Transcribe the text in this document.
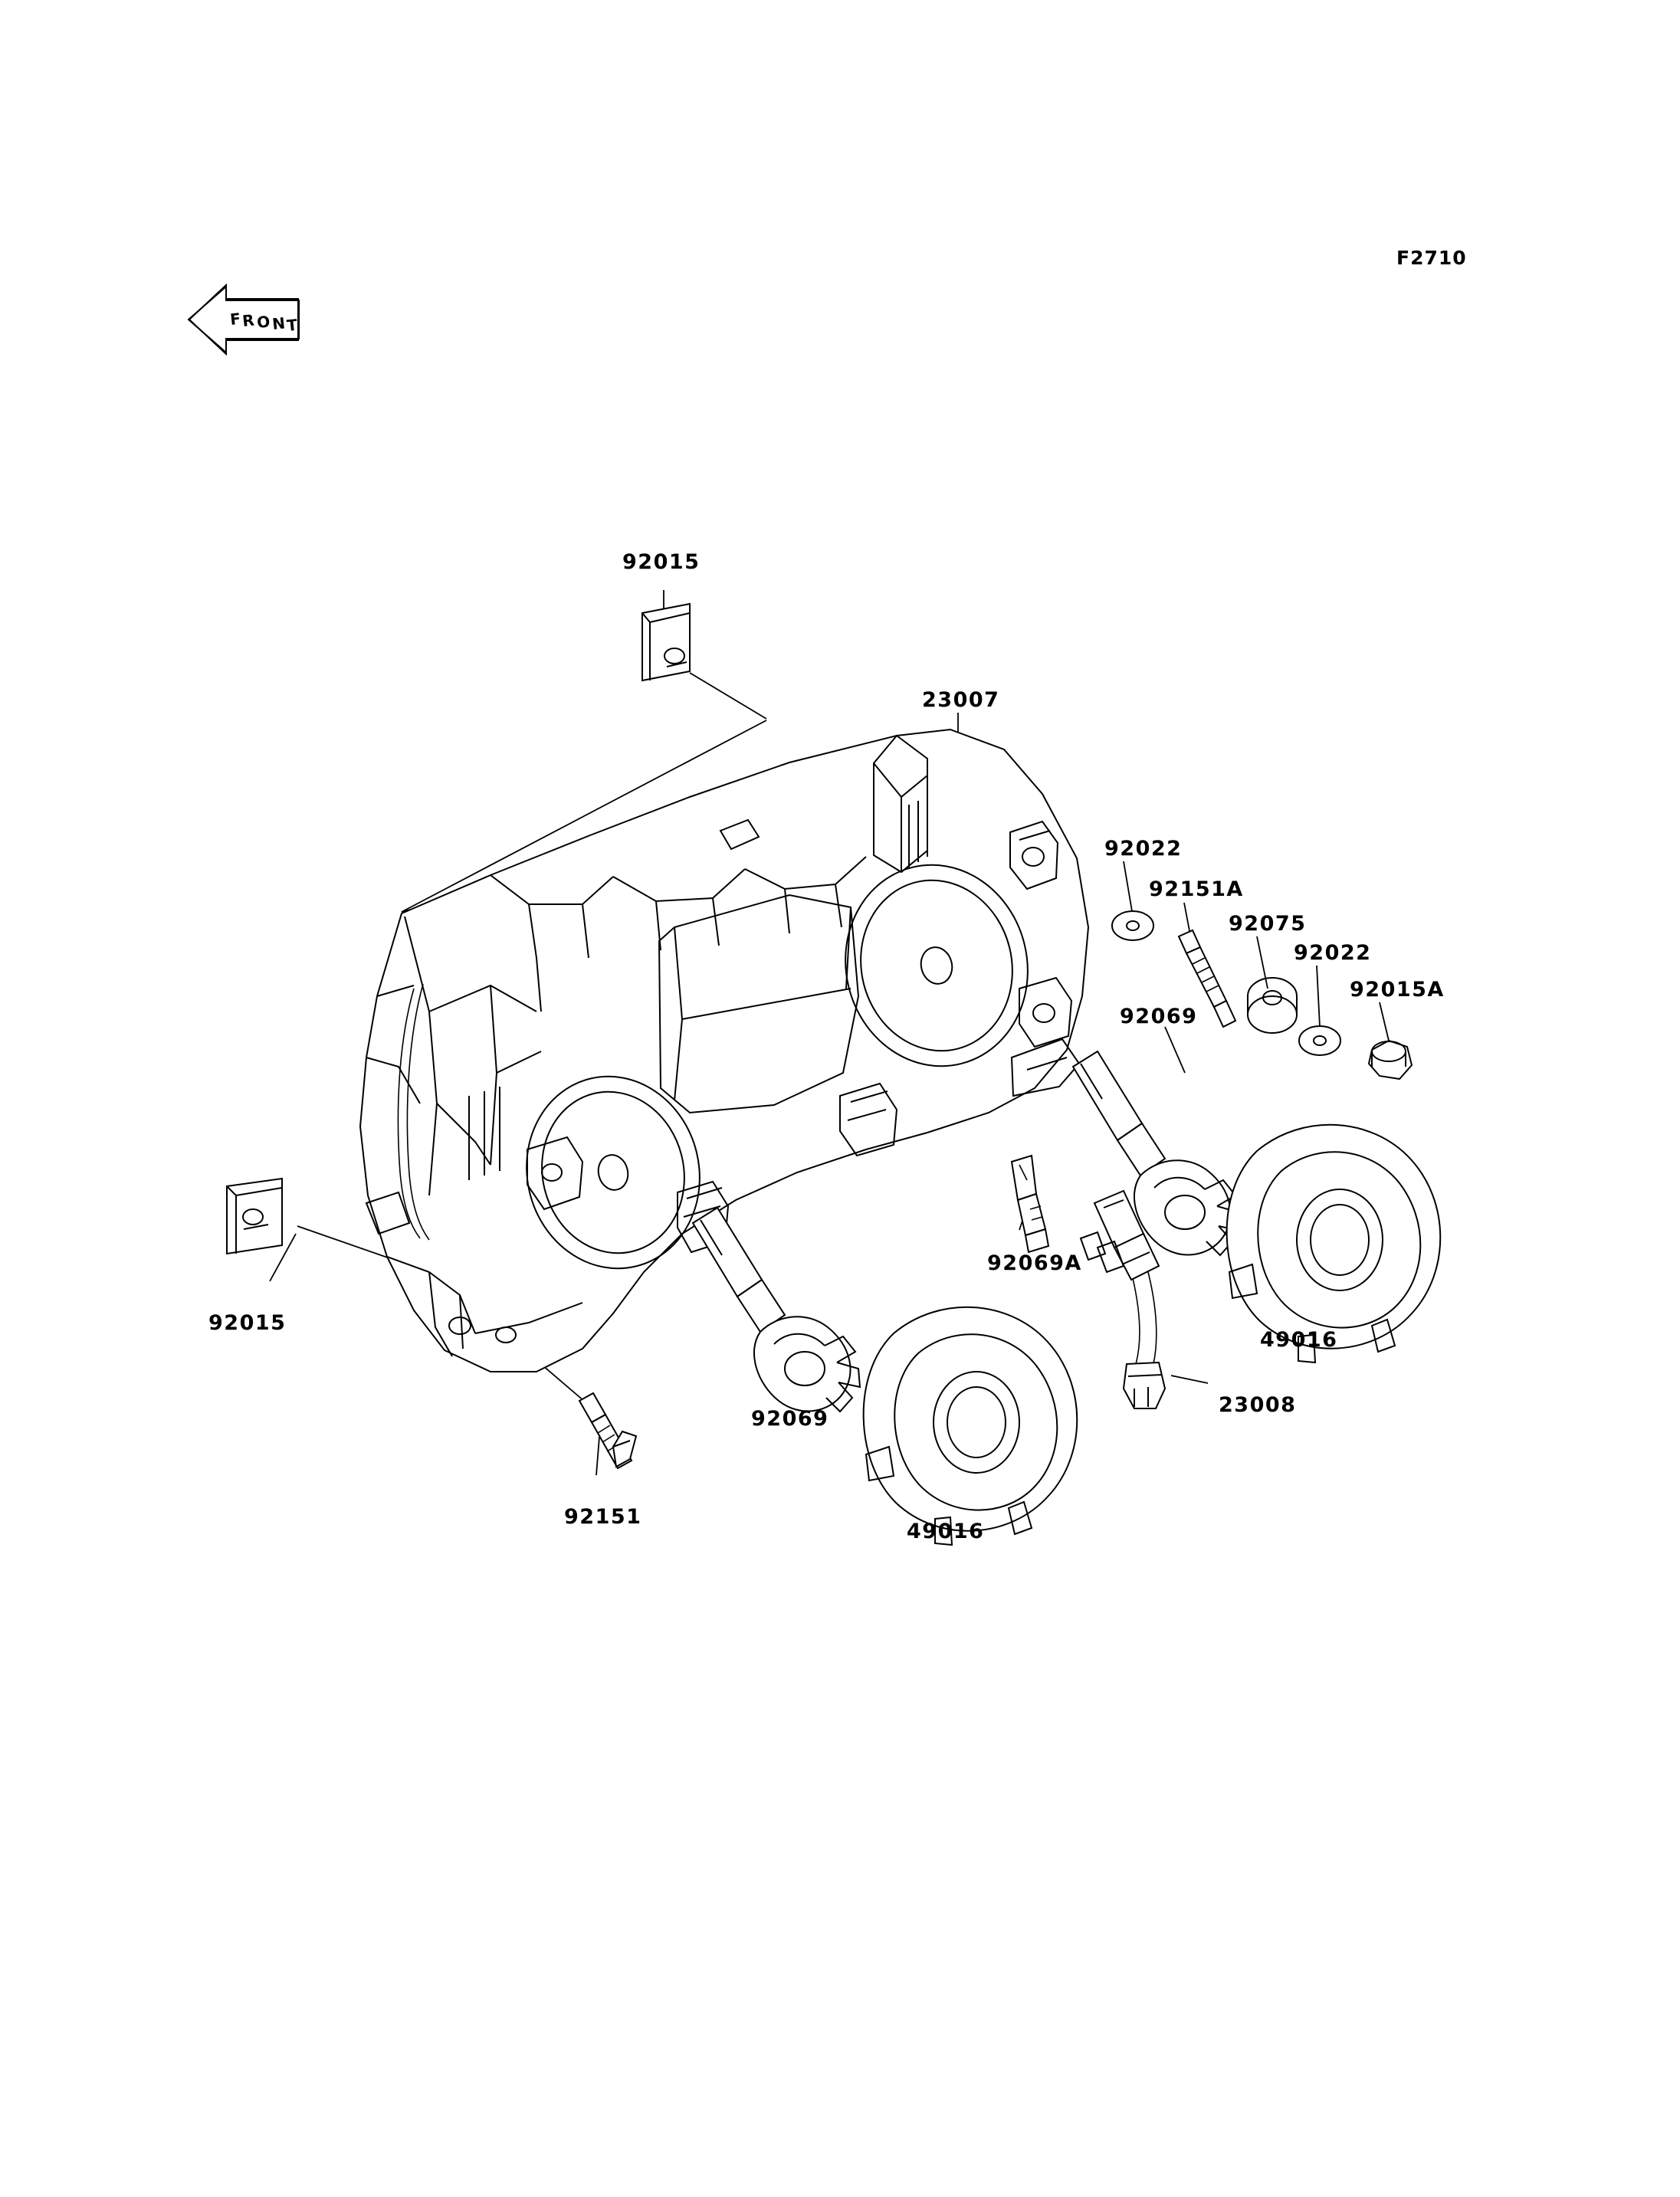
F2710
F R O N T
92015
23007
92022
92151A
92075
92022
92015A
92069
92069A
49016
23008
92069
49016
92015
92151
